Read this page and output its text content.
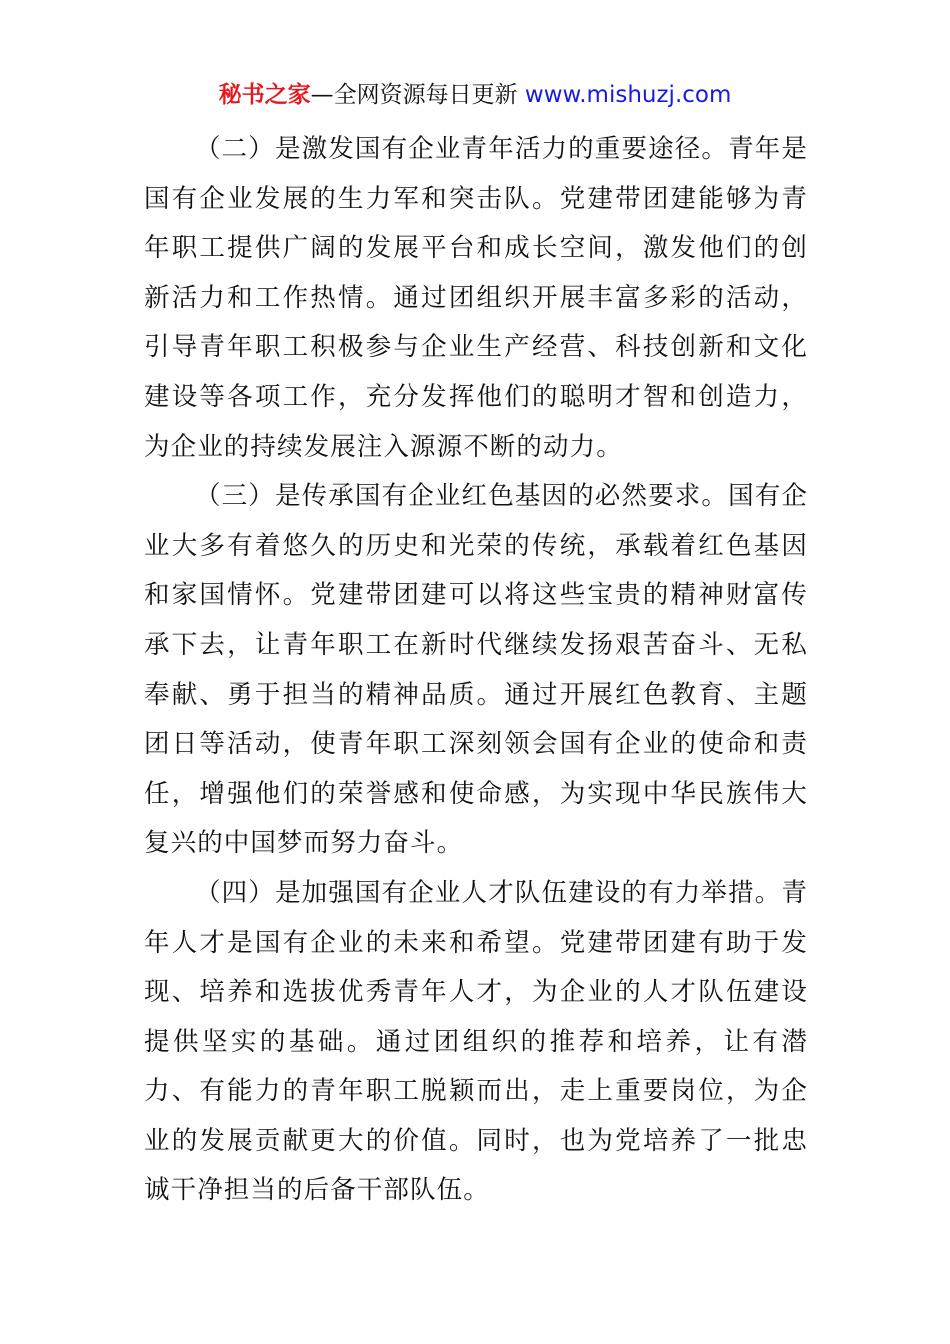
秘书之家—全网资源每日更新 www.mishuzj.com

（二）是激发国有企业青年活力的重要途径。青年是国有企业发展的生力军和突击队。党建带团建能够为青年职工提供广阔的发展平台和成长空间，激发他们的创新活力和工作热情。通过团组织开展丰富多彩的活动，引导青年职工积极参与企业生产经营、科技创新和文化建设等各项工作，充分发挥他们的聪明才智和创造力，为企业的持续发展注入源源不断的动力。

（三）是传承国有企业红色基因的必然要求。国有企业大多有着悠久的历史和光荣的传统，承载着红色基因和家国情怀。党建带团建可以将这些宝贵的精神财富传承下去，让青年职工在新时代继续发扬艰苦奋斗、无私奉献、勇于担当的精神品质。通过开展红色教育、主题团日等活动，使青年职工深刻领会国有企业的使命和责任，增强他们的荣誉感和使命感，为实现中华民族伟大复兴的中国梦而努力奋斗。

（四）是加强国有企业人才队伍建设的有力举措。青年人才是国有企业的未来和希望。党建带团建有助于发现、培养和选拔优秀青年人才，为企业的人才队伍建设提供坚实的基础。通过团组织的推荐和培养，让有潜力、有能力的青年职工脱颖而出，走上重要岗位，为企业的发展贡献更大的价值。同时，也为党培养了一批忠诚干净担当的后备干部队伍。
